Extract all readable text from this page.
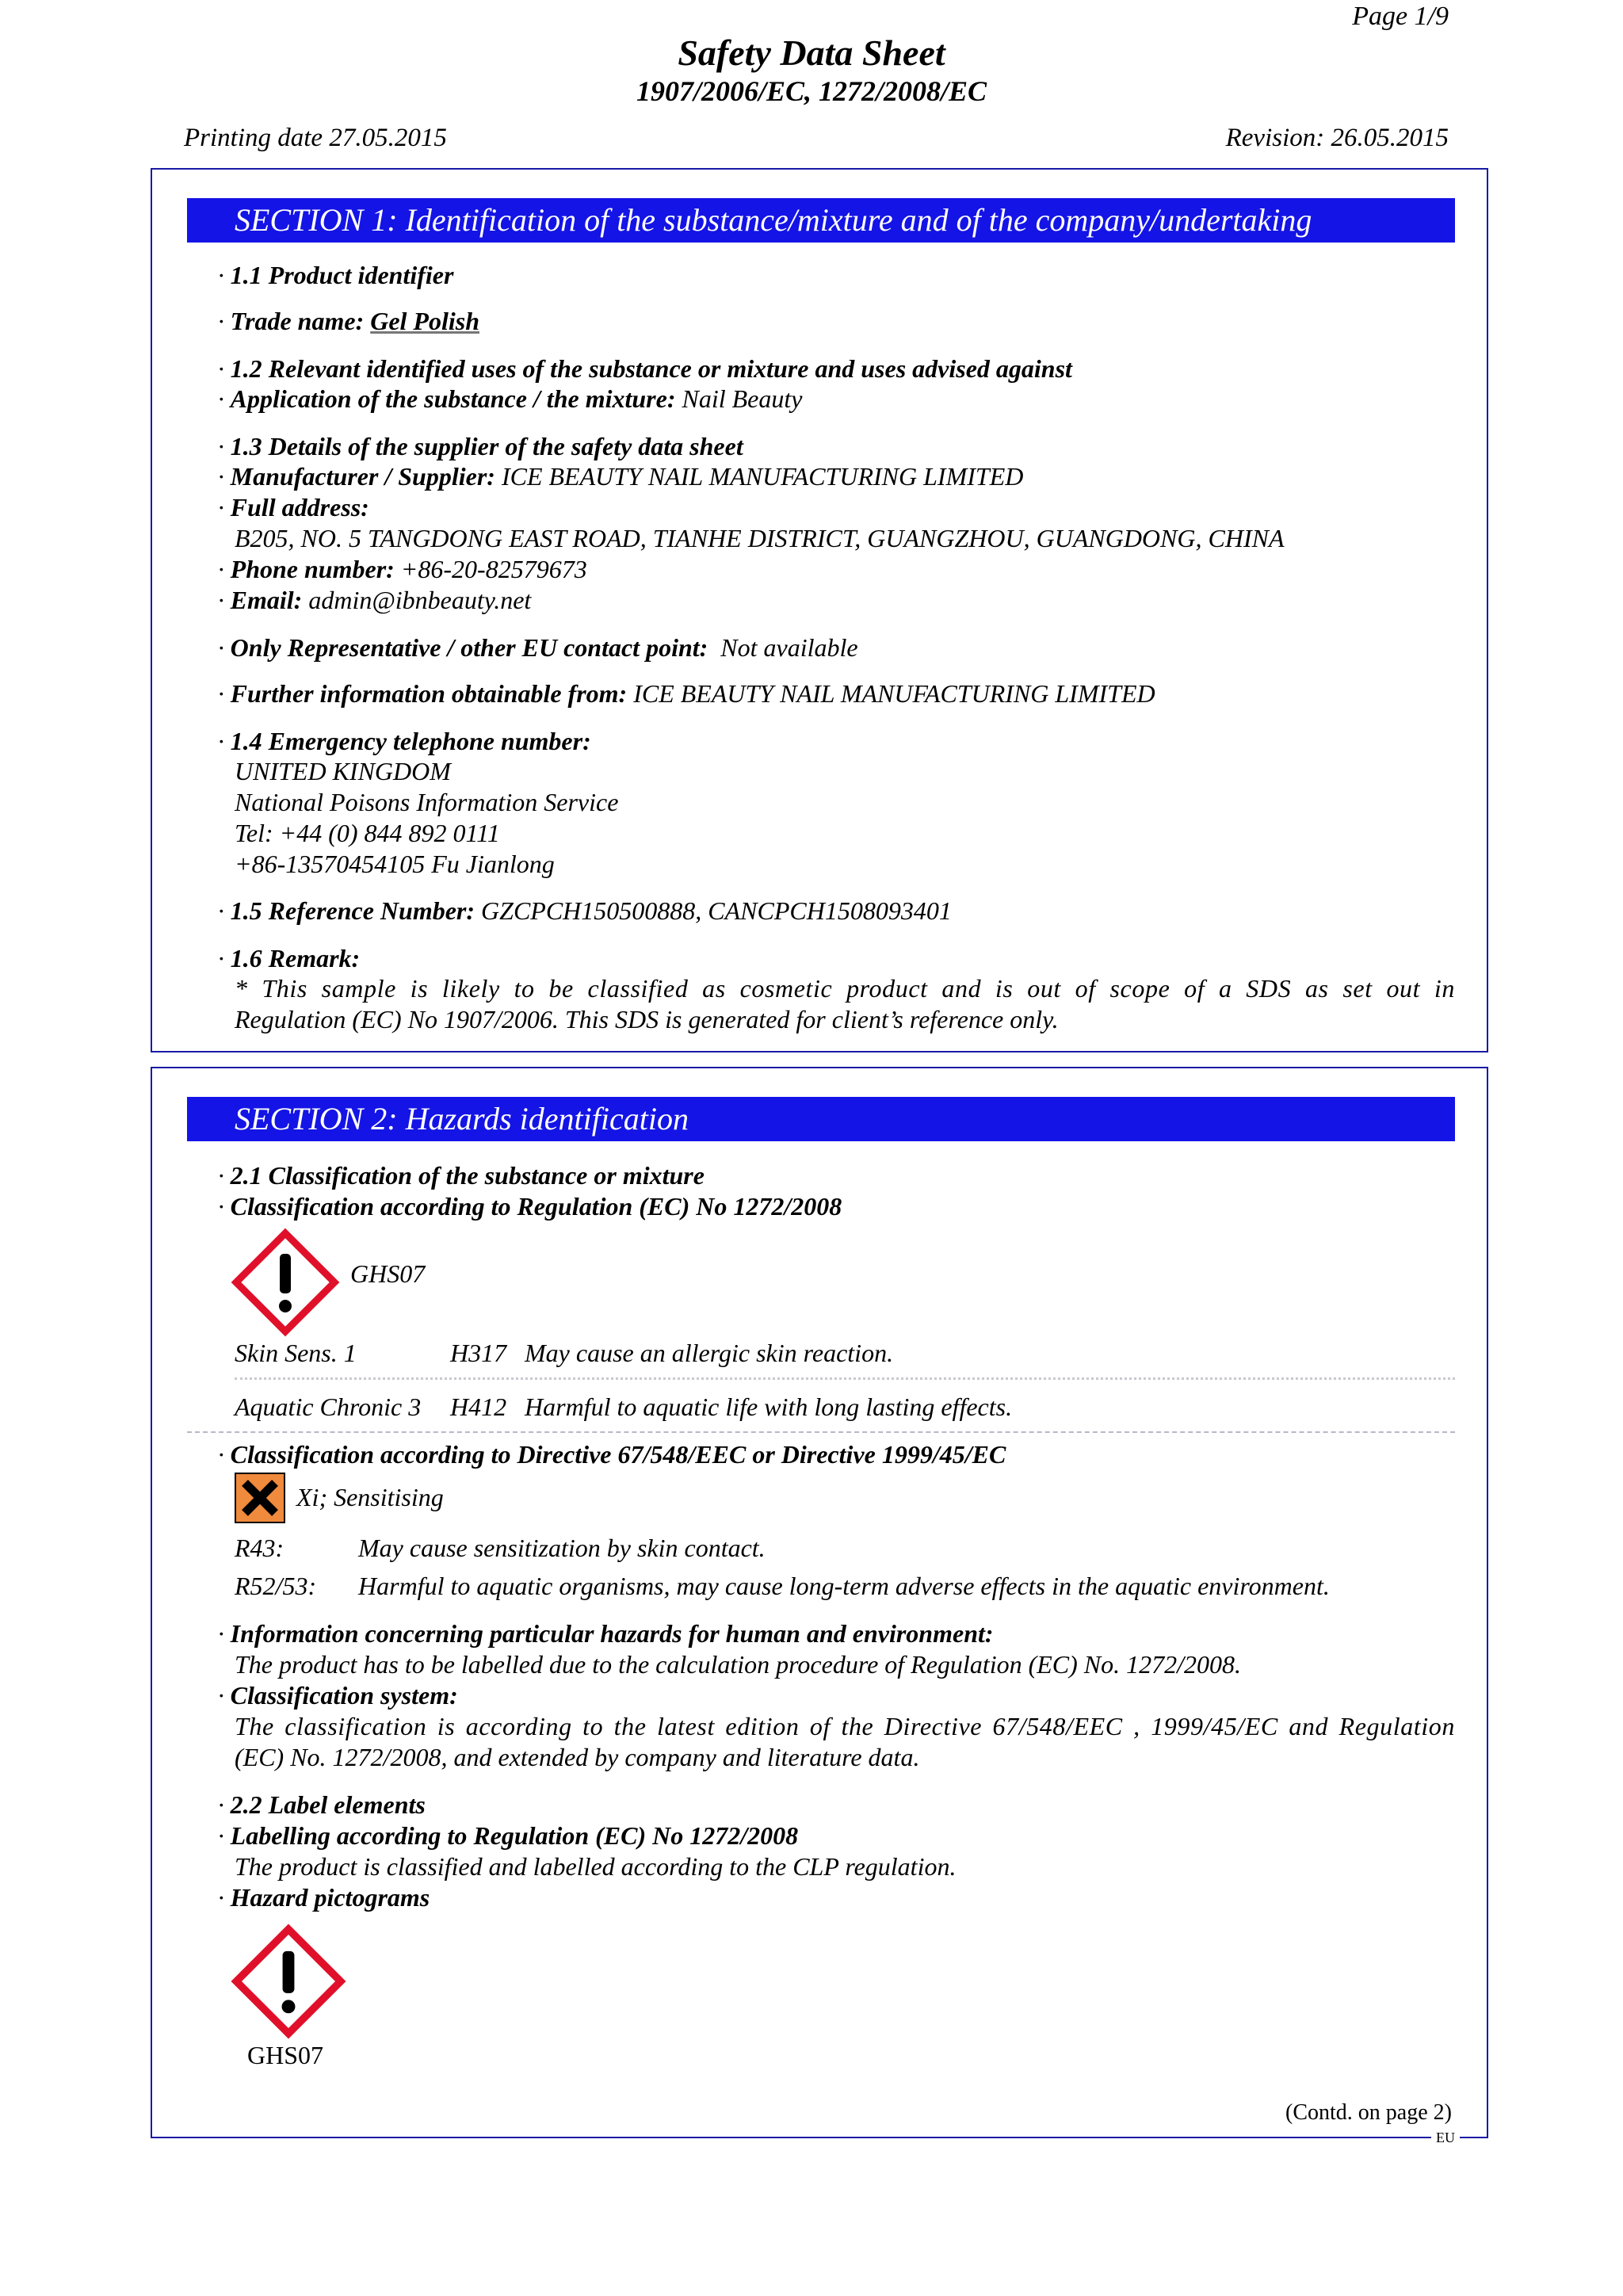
Page 1/9
Safety Data Sheet
1907/2006/EC, 1272/2008/EC
Printing date 27.05.2015	Revision: 26.05.2015
SECTION 1: Identification of the substance/mixture and of the company/undertaking
· 1.1 Product identifier
· Trade name: Gel Polish
· 1.2 Relevant identified uses of the substance or mixture and uses advised against
· Application of the substance / the mixture: Nail Beauty
· 1.3 Details of the supplier of the safety data sheet
· Manufacturer / Supplier: ICE BEAUTY NAIL MANUFACTURING LIMITED
· Full address:
B205, NO. 5 TANGDONG EAST ROAD, TIANHE DISTRICT, GUANGZHOU, GUANGDONG, CHINA
· Phone number: +86-20-82579673
· Email: admin@ibnbeauty.net
· Only Representative / other EU contact point: Not available
· Further information obtainable from: ICE BEAUTY NAIL MANUFACTURING LIMITED
· 1.4 Emergency telephone number:
UNITED KINGDOM
National Poisons Information Service
Tel: +44 (0) 844 892 0111
+86-13570454105 Fu Jianlong
· 1.5 Reference Number: GZCPCH150500888, CANCPCH1508093401
· 1.6 Remark:
* This sample is likely to be classified as cosmetic product and is out of scope of a SDS as set out in
Regulation (EC) No 1907/2006. This SDS is generated for client’s reference only.
SECTION 2: Hazards identification
· 2.1 Classification of the substance or mixture
· Classification according to Regulation (EC) No 1272/2008
GHS07
Skin Sens. 1	H317 May cause an allergic skin reaction.
Aquatic Chronic 3 H412 Harmful to aquatic life with long lasting effects.
· Classification according to Directive 67/548/EEC or Directive 1999/45/EC
Xi; Sensitising
R43:	May cause sensitization by skin contact.
R52/53: Harmful to aquatic organisms, may cause long-term adverse effects in the aquatic environment.
· Information concerning particular hazards for human and environment:
The product has to be labelled due to the calculation procedure of Regulation (EC) No. 1272/2008.
· Classification system:
The classification is according to the latest edition of the Directive 67/548/EEC , 1999/45/EC and Regulation
(EC) No. 1272/2008, and extended by company and literature data.
· 2.2 Label elements
· Labelling according to Regulation (EC) No 1272/2008
The product is classified and labelled according to the CLP regulation.
· Hazard pictograms
GHS07
(Contd. on page 2)
EU
